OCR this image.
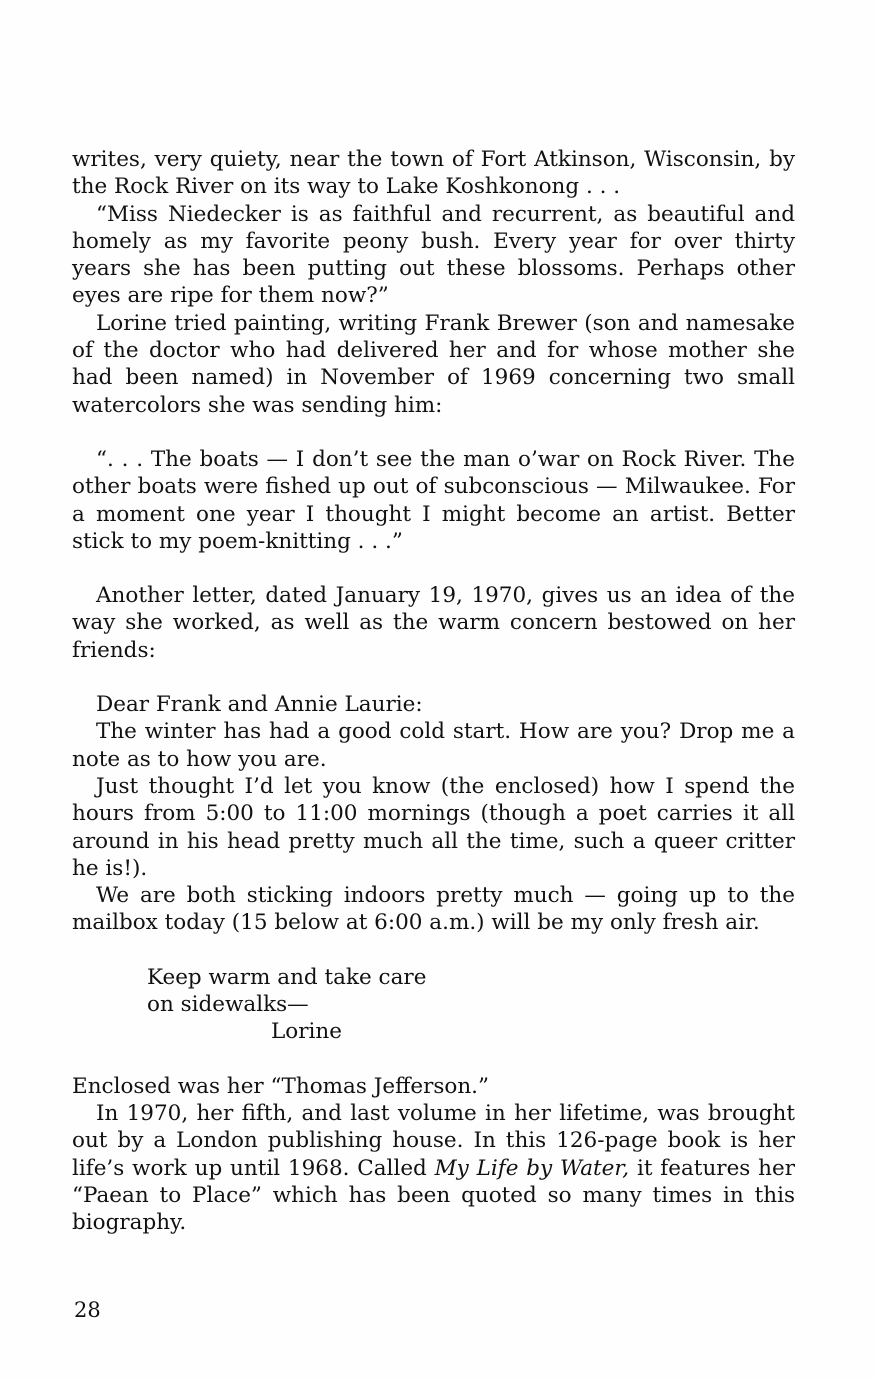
writes, very quiety, near the town of Fort Atkinson, Wisconsin, by the Rock River on its way to Lake Koshkonong . . .

“Miss Niedecker is as faithful and recurrent, as beautiful and homely as my favorite peony bush. Every year for over thirty years she has been putting out these blossoms. Perhaps other eyes are ripe for them now?”

Lorine tried painting, writing Frank Brewer (son and namesake of the doctor who had delivered her and for whose mother she had been named) in November of 1969 concerning two small watercolors she was sending him:

“. . . The boats — I don’t see the man o’war on Rock River. The other boats were fished up out of subconscious — Milwaukee. For a moment one year I thought I might become an artist. Better stick to my poem-knitting . . .”

Another letter, dated January 19, 1970, gives us an idea of the way she worked, as well as the warm concern bestowed on her friends:

Dear Frank and Annie Laurie:

The winter has had a good cold start. How are you? Drop me a note as to how you are.

Just thought I’d let you know (the enclosed) how I spend the hours from 5:00 to 11:00 mornings (though a poet carries it all around in his head pretty much all the time, such a queer critter he is!).

We are both sticking indoors pretty much — going up to the mailbox today (15 below at 6:00 a.m.) will be my only fresh air.

Keep warm and take care
on sidewalks—
Lorine

Enclosed was her “Thomas Jefferson.”

In 1970, her fifth, and last volume in her lifetime, was brought out by a London publishing house. In this 126-page book is her life’s work up until 1968. Called My Life by Water, it features her “Paean to Place” which has been quoted so many times in this biography.

28
